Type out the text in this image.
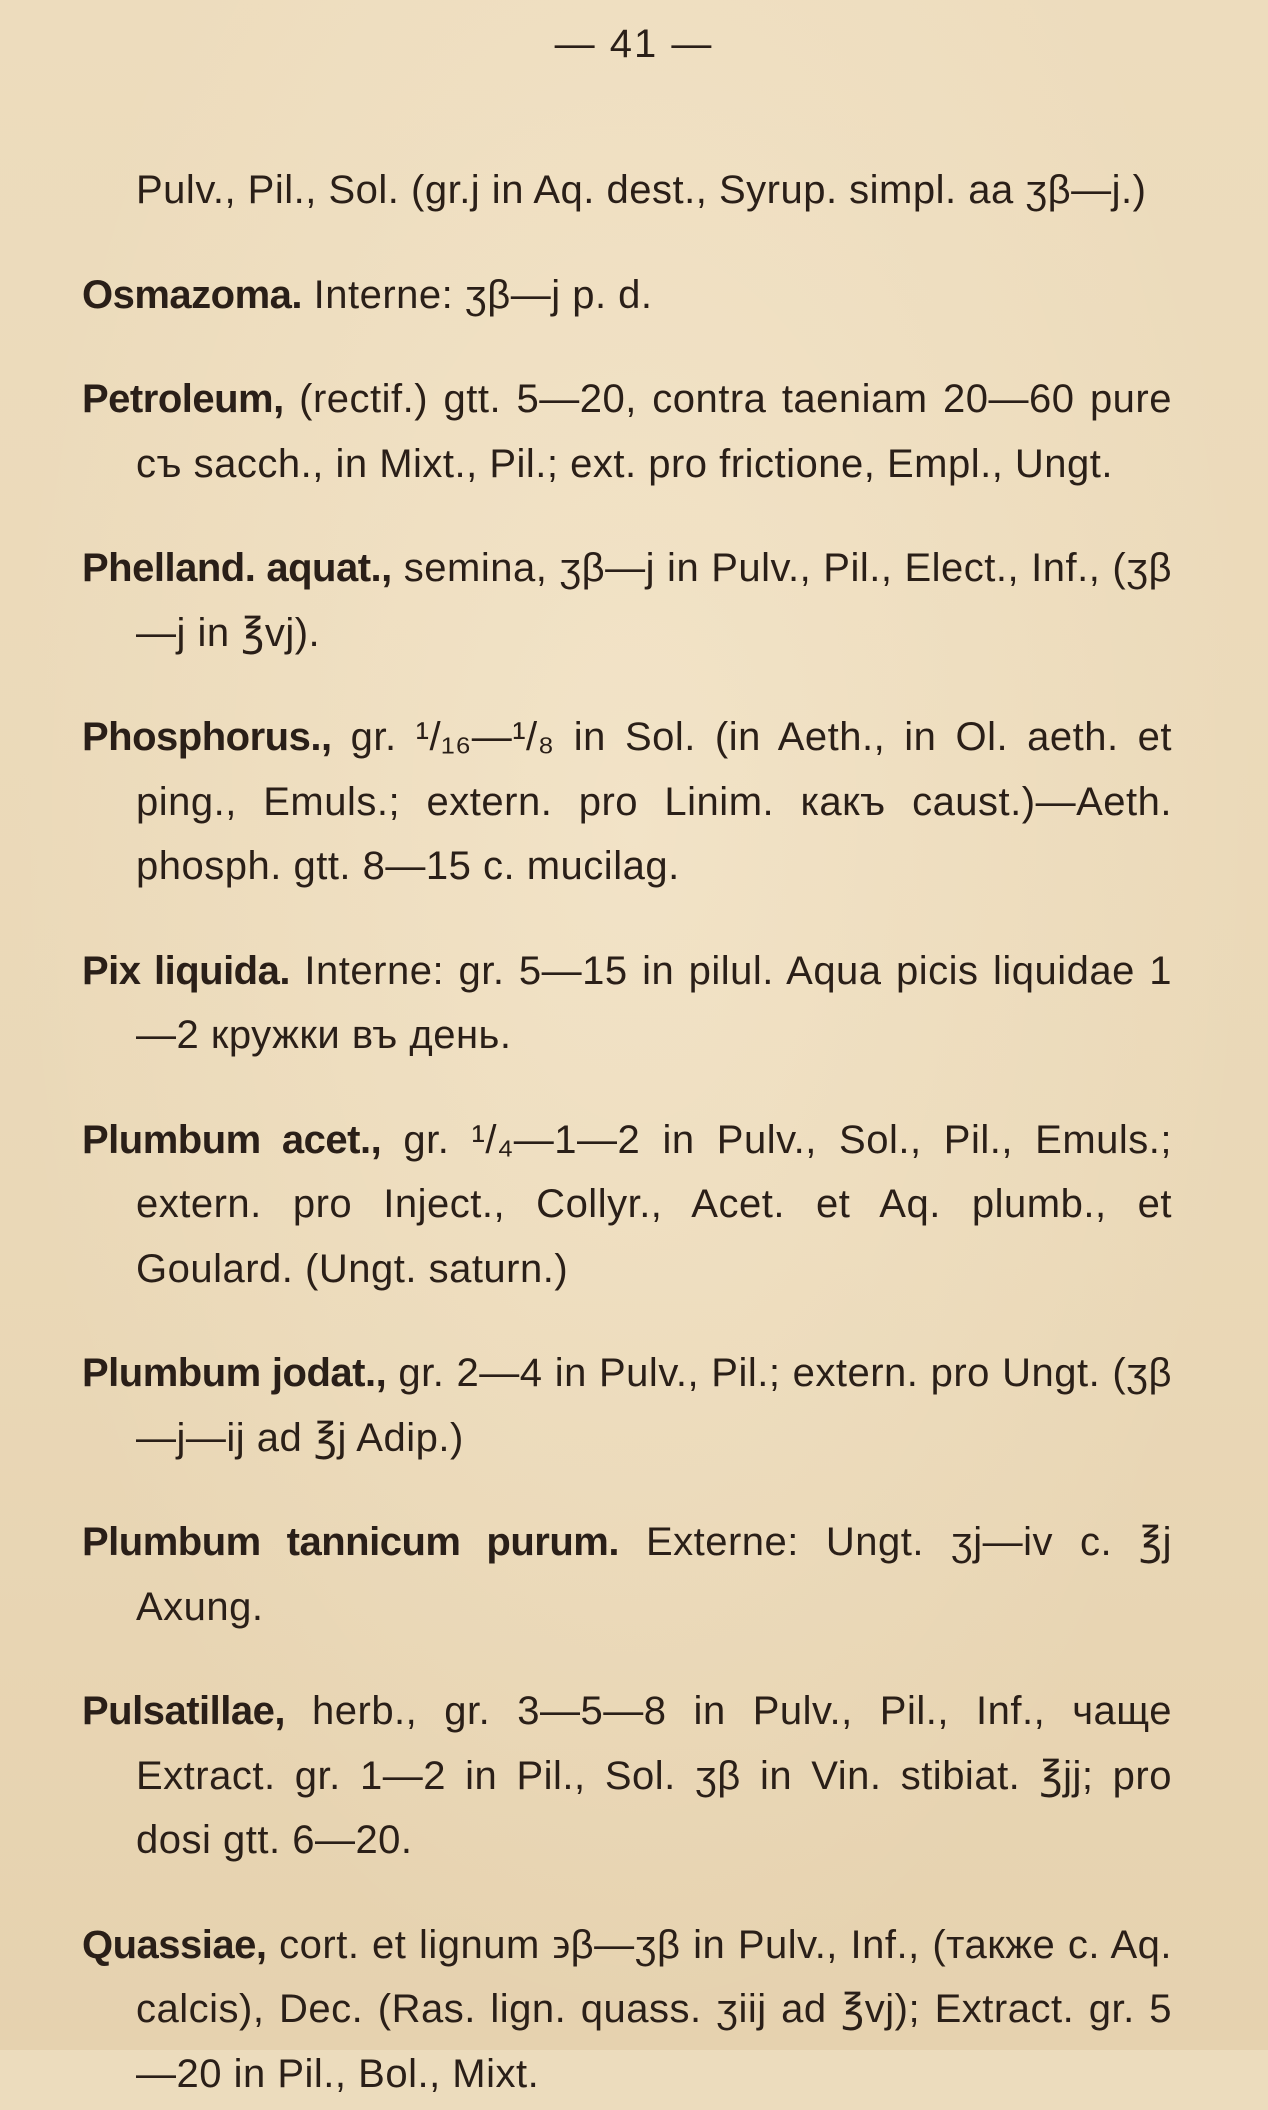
— 41 —

Pulv., Pil., Sol. (gr.j in Aq. dest., Syrup. simpl. aa ʒβ—j.)

Osmazoma. Interne: ʒβ—j p. d.

Petroleum, (rectif.) gtt. 5—20, contra taeniam 20—60 pure съ sacch., in Mixt., Pil.; ext. pro frictione, Empl., Ungt.

Phelland. aquat., semina, ʒβ—j in Pulv., Pil., Elect., Inf., (ʒβ—j in ℥vj).

Phosphorus., gr. ¹/₁₆—¹/₈ in Sol. (in Aeth., in Ol. aeth. et ping., Emuls.; extern. pro Linim. какъ caust.)—Aeth. phosph. gtt. 8—15 c. mucilag.

Pix liquida. Interne: gr. 5—15 in pilul. Aqua picis liquidae 1—2 кружки въ день.

Plumbum acet., gr. ¹/₄—1—2 in Pulv., Sol., Pil., Emuls.; extern. pro Inject., Collyr., Acet. et Aq. plumb., et Goulard. (Ungt. saturn.)

Plumbum jodat., gr. 2—4 in Pulv., Pil.; extern. pro Ungt. (ʒβ—j—ij ad ℥j Adip.)

Plumbum tannicum purum. Externe: Ungt. ʒj—iv c. ℥j Axung.

Pulsatillae, herb., gr. 3—5—8 in Pulv., Pil., Inf., чаще Extract. gr. 1—2 in Pil., Sol. ʒβ in Vin. stibiat. ℥jj; pro dosi gtt. 6—20.

Quassiae, cort. et lignum ϶β—ʒβ in Pulv., Inf., (также c. Aq. calcis), Dec. (Ras. lign. quass. ʒiij ad ℥vj); Extract. gr. 5—20 in Pil., Bol., Mixt.
